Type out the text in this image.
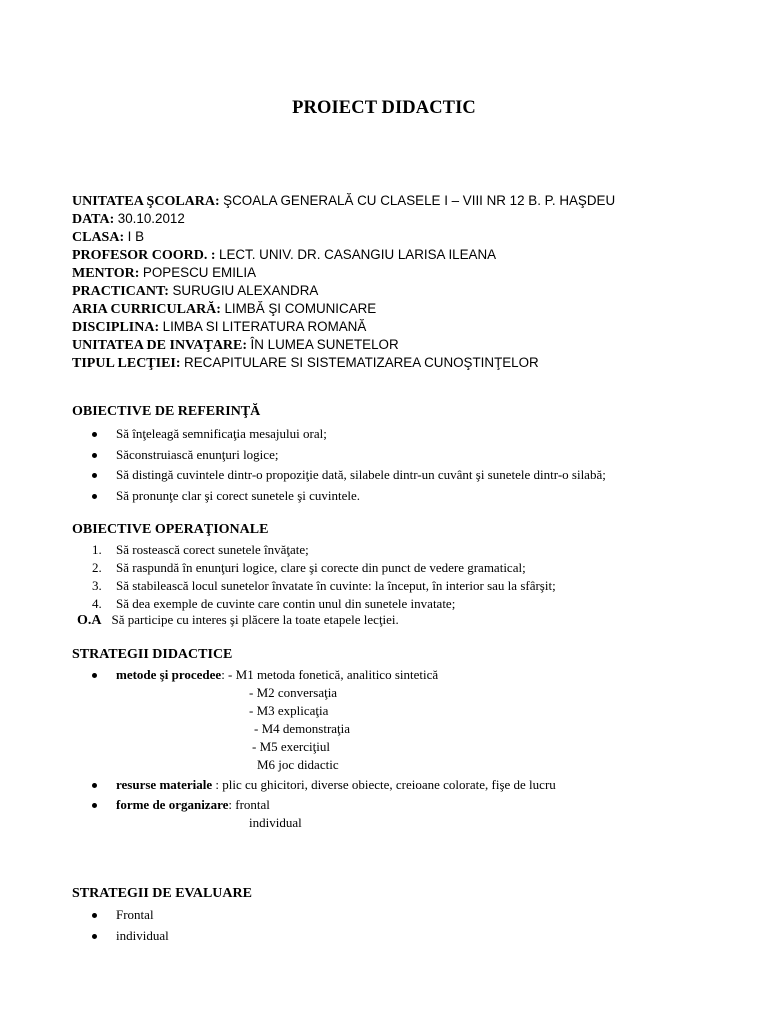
PROIECT DIDACTIC
UNITATEA ŞCOLARA: ŞCOALA GENERALĂ CU CLASELE I – VIII NR 12 B. P. HAŞDEU
DATA: 30.10.2012
CLASA: I B
PROFESOR COORD. : LECT. UNIV. DR. CASANGIU LARISA ILEANA
MENTOR: POPESCU EMILIA
PRACTICANT: SURUGIU ALEXANDRA
ARIA CURRICULARĂ: LIMBĂ ŞI COMUNICARE
DISCIPLINA: LIMBA SI LITERATURA ROMANĂ
UNITATEA DE INVAŢARE: ÎN LUMEA SUNETELOR
TIPUL LECŢIEI: RECAPITULARE SI SISTEMATIZAREA CUNOŞTINŢELOR
OBIECTIVE DE REFERINŢĂ
Să înţeleagă semnificaţia mesajului oral;
Săconstruiască enunţuri logice;
Să distingă cuvintele dintr-o propoziţie dată, silabele dintr-un cuvânt şi sunetele dintr-o silabă;
Să pronunţe clar şi corect sunetele şi cuvintele.
OBIECTIVE OPERAŢIONALE
1. Să rostească corect sunetele învăţate;
2. Să raspundă în enunţuri logice, clare şi corecte din punct de vedere gramatical;
3. Să stabilească locul sunetelor învatate în cuvinte: la început, în interior sau la sfârşit;
4. Să dea exemple de cuvinte care contin unul din sunetele invatate;
O.A Să participe cu interes şi plăcere la toate etapele lecţiei.
STRATEGII DIDACTICE
metode şi procedee: - M1 metoda fonetică, analitico sintetică
- M2 conversaţia
- M3 explicaţia
- M4 demonstraţia
- M5 exerciţiul
M6 joc didactic
resurse materiale : plic cu ghicitori, diverse obiecte, creioane colorate, fişe de lucru
forme de organizare: frontal
individual
STRATEGII DE EVALUARE
Frontal
individual
